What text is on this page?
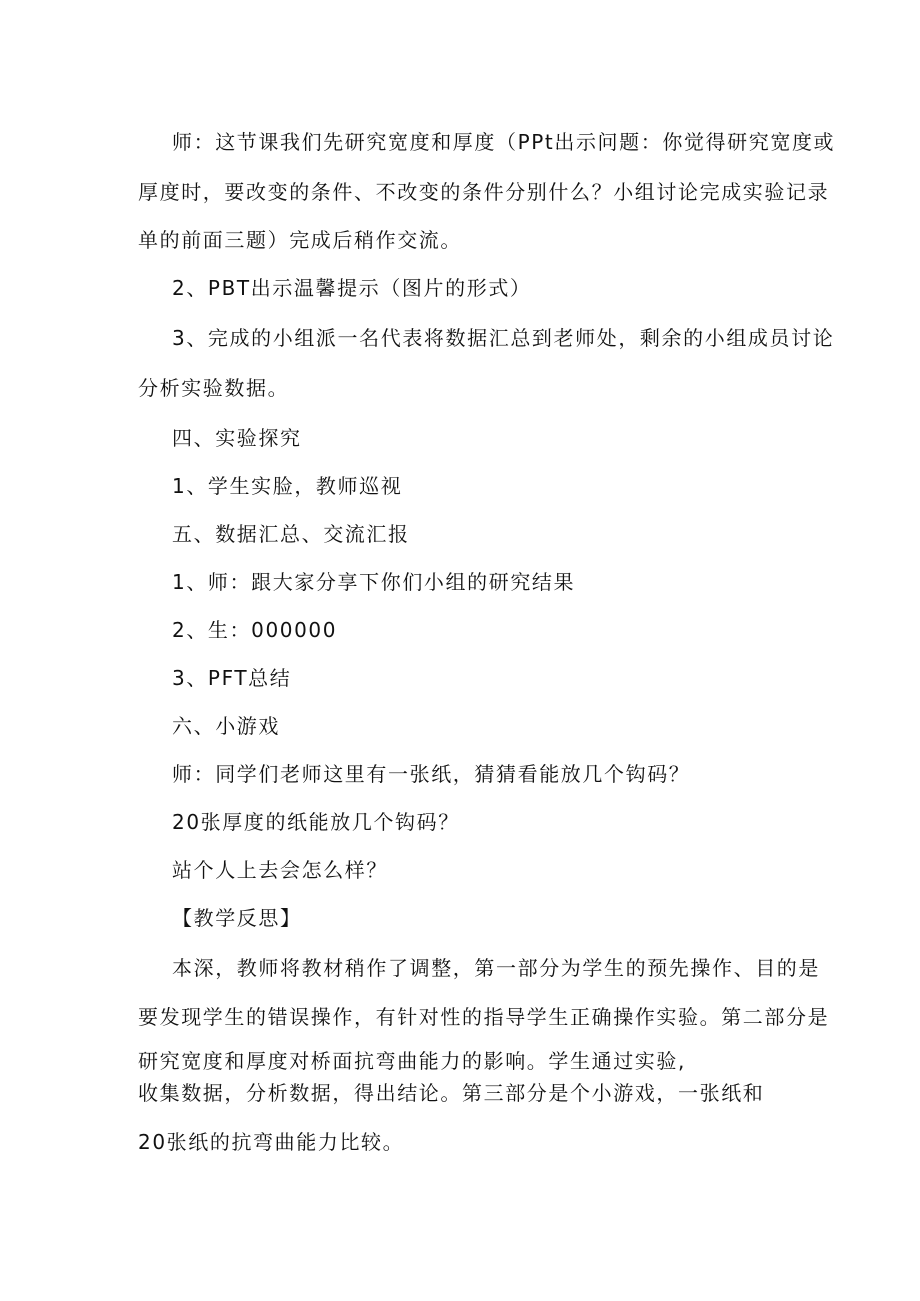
师：这节课我们先研究宽度和厚度（PPt出示问题：你觉得研究宽度或
厚度时，要改变的条件、不改变的条件分别什么？小组讨论完成实验记录
单的前面三题）完成后稍作交流。
2、PBT出示温馨提示（图片的形式）
3、完成的小组派一名代表将数据汇总到老师处，剩余的小组成员讨论
分析实验数据。
四、实验探究
1、学生实脸，教师巡视
五、数据汇总、交流汇报
1、师：跟大家分享下你们小组的研究结果
2、生：000000
3、PFT总结
六、小游戏
师：同学们老师这里有一张纸，猜猜看能放几个钩码？
20张厚度的纸能放几个钩码？
站个人上去会怎么样？
【教学反思】
本深，教师将教材稍作了调整，第一部分为学生的预先操作、目的是
要发现学生的错误操作，有针对性的指导学生正确操作实验。第二部分是
研究宽度和厚度对桥面抗弯曲能力的影响。学生通过实验,
收集数据，分析数据，得出结论。第三部分是个小游戏，一张纸和
20张纸的抗弯曲能力比较。
